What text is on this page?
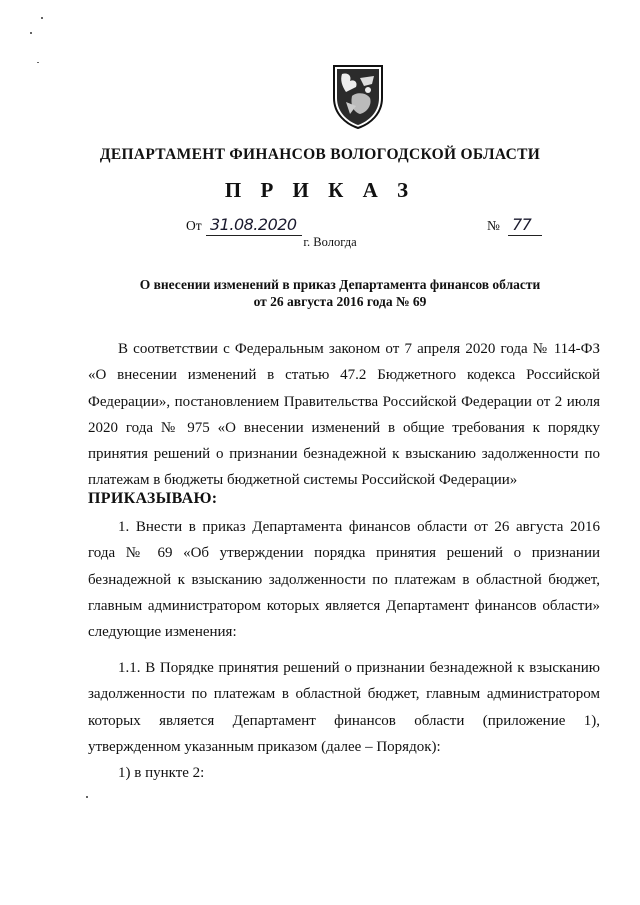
ДЕПАРТАМЕНТ ФИНАНСОВ ВОЛОГОДСКОЙ ОБЛАСТИ
П Р И К А З
От 31.08.2020	№ 77
г. Вологда
О внесении изменений в приказ Департамента финансов области
от 26 августа 2016 года № 69

В соответствии с Федеральным законом от 7 апреля 2020 года № 114-ФЗ «О внесении изменений в статью 47.2 Бюджетного кодекса Российской Федерации», постановлением Правительства Российской Федерации от 2 июля 2020 года № 975 «О внесении изменений в общие требования к порядку принятия решений о признании безнадежной к взысканию задолженности по платежам в бюджеты бюджетной системы Российской Федерации»

ПРИКАЗЫВАЮ:

1. Внести в приказ Департамента финансов области от 26 августа 2016 года № 69 «Об утверждении порядка принятия решений о признании безнадежной к взысканию задолженности по платежам в областной бюджет, главным администратором которых является Департамент финансов области» следующие изменения:

1.1. В Порядке принятия решений о признании безнадежной к взысканию задолженности по платежам в областной бюджет, главным администратором которых является Департамент финансов области (приложение 1), утвержденном указанным приказом (далее – Порядок):

1) в пункте 2:
